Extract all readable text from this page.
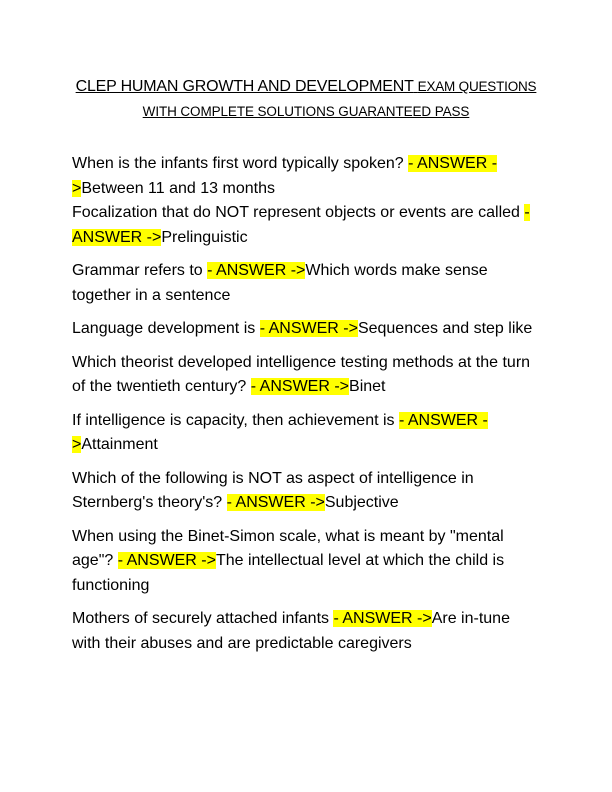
CLEP HUMAN GROWTH AND DEVELOPMENT EXAM QUESTIONS
WITH COMPLETE SOLUTIONS GUARANTEED PASS

When is the infants first word typically spoken? - ANSWER ->Between 11 and 13 months

Focalization that do NOT represent objects or events are called - ANSWER ->Prelinguistic

Grammar refers to - ANSWER ->Which words make sense together in a sentence

Language development is - ANSWER ->Sequences and step like

Which theorist developed intelligence testing methods at the turn of the twentieth century? - ANSWER ->Binet

If intelligence is capacity, then achievement is - ANSWER ->Attainment

Which of the following is NOT as aspect of intelligence in Sternberg's theory's? - ANSWER ->Subjective

When using the Binet-Simon scale, what is meant by "mental age"? - ANSWER ->The intellectual level at which the child is functioning

Mothers of securely attached infants - ANSWER ->Are in-tune with their abuses and are predictable caregivers
